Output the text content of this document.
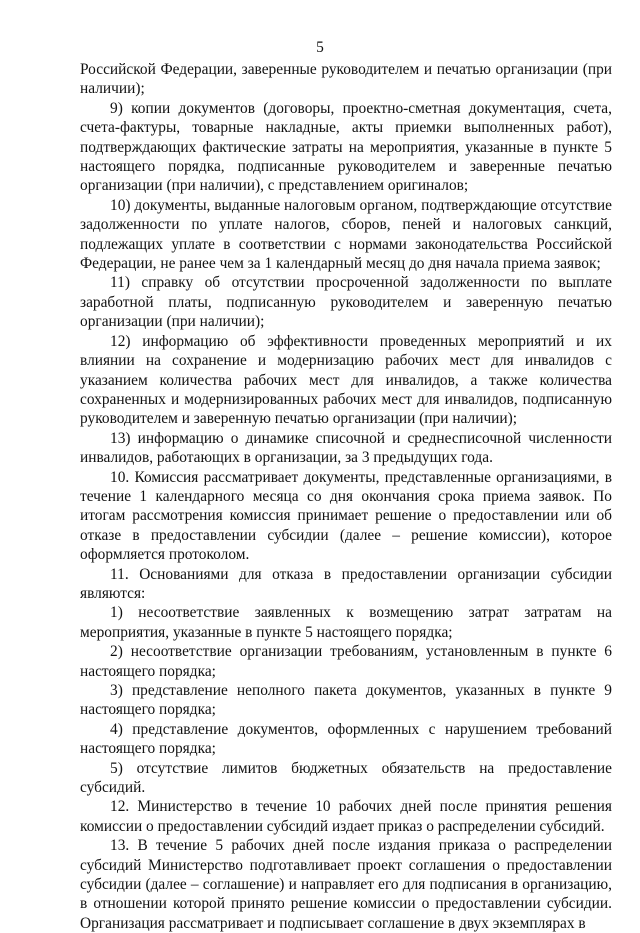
5

Российской Федерации, заверенные руководителем и печатью организации (при наличии);

9) копии документов (договоры, проектно-сметная документация, счета, счета-фактуры, товарные накладные, акты приемки выполненных работ), подтверждающих фактические затраты на мероприятия, указанные в пункте 5 настоящего порядка, подписанные руководителем и заверенные печатью организации (при наличии), с представлением оригиналов;

10) документы, выданные налоговым органом, подтверждающие отсутствие задолженности по уплате налогов, сборов, пеней и налоговых санкций, подлежащих уплате в соответствии с нормами законодательства Российской Федерации, не ранее чем за 1 календарный месяц до дня начала приема заявок;

11) справку об отсутствии просроченной задолженности по выплате заработной платы, подписанную руководителем и заверенную печатью организации (при наличии);

12) информацию об эффективности проведенных мероприятий и их влиянии на сохранение и модернизацию рабочих мест для инвалидов с указанием количества рабочих мест для инвалидов, а также количества сохраненных и модернизированных рабочих мест для инвалидов, подписанную руководителем и заверенную печатью организации (при наличии);

13) информацию о динамике списочной и среднесписочной численности инвалидов, работающих в организации, за 3 предыдущих года.

10. Комиссия рассматривает документы, представленные организациями, в течение 1 календарного месяца со дня окончания срока приема заявок. По итогам рассмотрения комиссия принимает решение о предоставлении или об отказе в предоставлении субсидии (далее – решение комиссии), которое оформляется протоколом.

11. Основаниями для отказа в предоставлении организации субсидии являются:

1) несоответствие заявленных к возмещению затрат затратам на мероприятия, указанные в пункте 5 настоящего порядка;

2) несоответствие организации требованиям, установленным в пункте 6 настоящего порядка;

3) представление неполного пакета документов, указанных в пункте 9 настоящего порядка;

4) представление документов, оформленных с нарушением требований настоящего порядка;

5) отсутствие лимитов бюджетных обязательств на предоставление субсидий.

12. Министерство в течение 10 рабочих дней после принятия решения комиссии о предоставлении субсидий издает приказ о распределении субсидий.

13. В течение 5 рабочих дней после издания приказа о распределении субсидий Министерство подготавливает проект соглашения о предоставлении субсидии (далее – соглашение) и направляет его для подписания в организацию, в отношении которой принято решение комиссии о предоставлении субсидии. Организация рассматривает и подписывает соглашение в двух экземплярах в
